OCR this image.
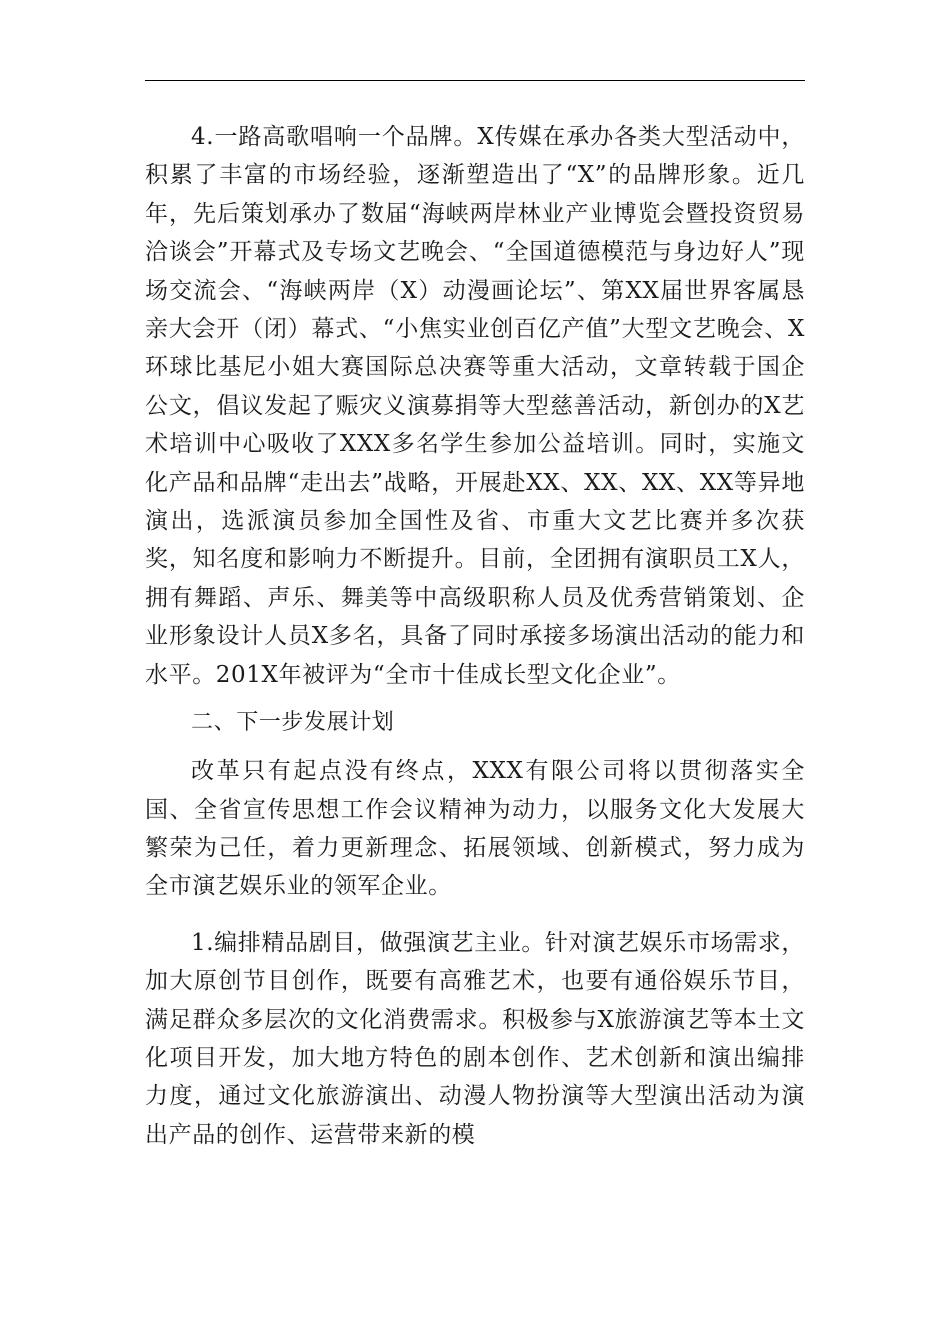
4.一路高歌唱响一个品牌。X传媒在承办各类大型活动中，积累了丰富的市场经验，逐渐塑造出了“X”的品牌形象。近几年，先后策划承办了数届“海峡两岸林业产业博览会暨投资贸易洽谈会”开幕式及专场文艺晚会、“全国道德模范与身边好人”现场交流会、“海峡两岸（X）动漫画论坛”、第XX届世界客属恳亲大会开（闭）幕式、“小焦实业创百亿产值”大型文艺晚会、X环球比基尼小姐大赛国际总决赛等重大活动，文章转载于国企公文，倡议发起了赈灾义演募捐等大型慈善活动，新创办的X艺术培训中心吸收了XXX多名学生参加公益培训。同时，实施文化产品和品牌“走出去”战略，开展赴XX、XX、XX、XX等异地演出，选派演员参加全国性及省、市重大文艺比赛并多次获奖，知名度和影响力不断提升。目前，全团拥有演职员工X人，拥有舞蹈、声乐、舞美等中高级职称人员及优秀营销策划、企业形象设计人员X多名，具备了同时承接多场演出活动的能力和水平。201X年被评为“全市十佳成长型文化企业”。

二、下一步发展计划

改革只有起点没有终点，XXX有限公司将以贯彻落实全国、全省宣传思想工作会议精神为动力，以服务文化大发展大繁荣为己任，着力更新理念、拓展领域、创新模式，努力成为全市演艺娱乐业的领军企业。

1.编排精品剧目，做强演艺主业。针对演艺娱乐市场需求，加大原创节目创作，既要有高雅艺术，也要有通俗娱乐节目，满足群众多层次的文化消费需求。积极参与X旅游演艺等本土文化项目开发，加大地方特色的剧本创作、艺术创新和演出编排力度，通过文化旅游演出、动漫人物扮演等大型演出活动为演出产品的创作、运营带来新的模
